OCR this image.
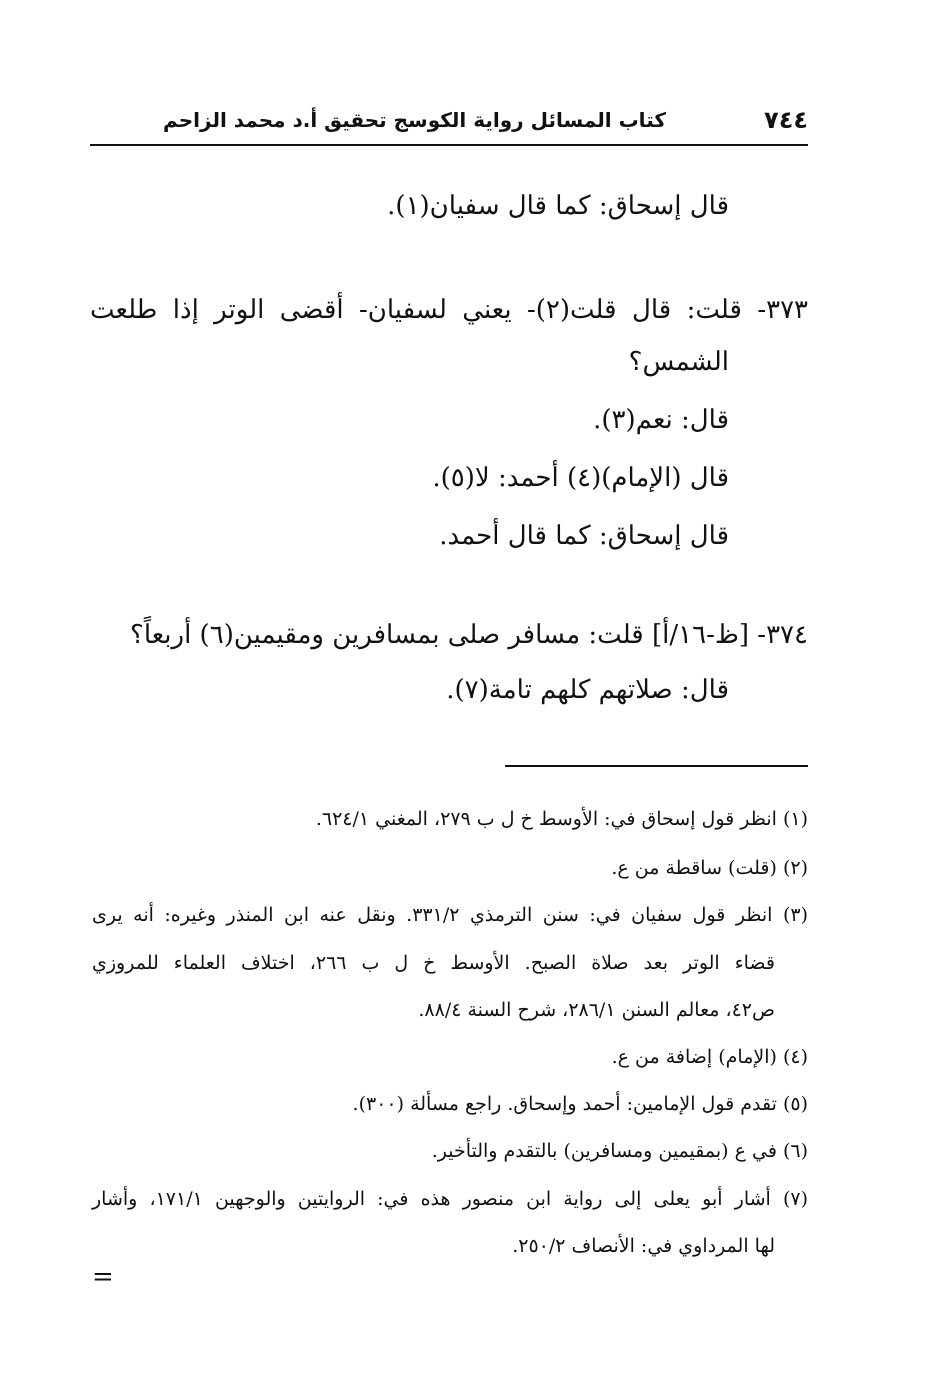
٧٤٤
كتاب المسائل رواية الكوسج تحقيق أ.د محمد الزاحم
قال إسحاق: كما قال سفيان(١).
٣٧٣- قلت: قال قلت(٢)- يعني لسفيان- أقضى الوتر إذا طلعت
الشمس؟
قال: نعم(٣).
قال (الإمام)(٤) أحمد: لا(٥).
قال إسحاق: كما قال أحمد.
٣٧٤- [ظ-١٦/أ] قلت: مسافر صلى بمسافرين ومقيمين(٦) أربعاً؟
قال: صلاتهم كلهم تامة(٧).
(١) انظر قول إسحاق في: الأوسط خ ل ب ٢٧٩، المغني ٦٢٤/١.
(٢) (قلت) ساقطة من ع.
(٣) انظر قول سفيان في: سنن الترمذي ٣٣١/٢. ونقل عنه ابن المنذر وغيره: أنه يرى
قضاء الوتر بعد صلاة الصبح. الأوسط خ ل ب ٢٦٦، اختلاف العلماء للمروزي
ص٤٢، معالم السنن ٢٨٦/١، شرح السنة ٨٨/٤.
(٤) (الإمام) إضافة من ع.
(٥) تقدم قول الإمامين: أحمد وإسحاق. راجع مسألة (٣٠٠).
(٦) في ع (بمقيمين ومسافرين) بالتقدم والتأخير.
(٧) أشار أبو يعلى إلى رواية ابن منصور هذه في: الروايتين والوجهين ١٧١/١، وأشار
لها المرداوي في: الأنصاف ٢٥٠/٢.
=
